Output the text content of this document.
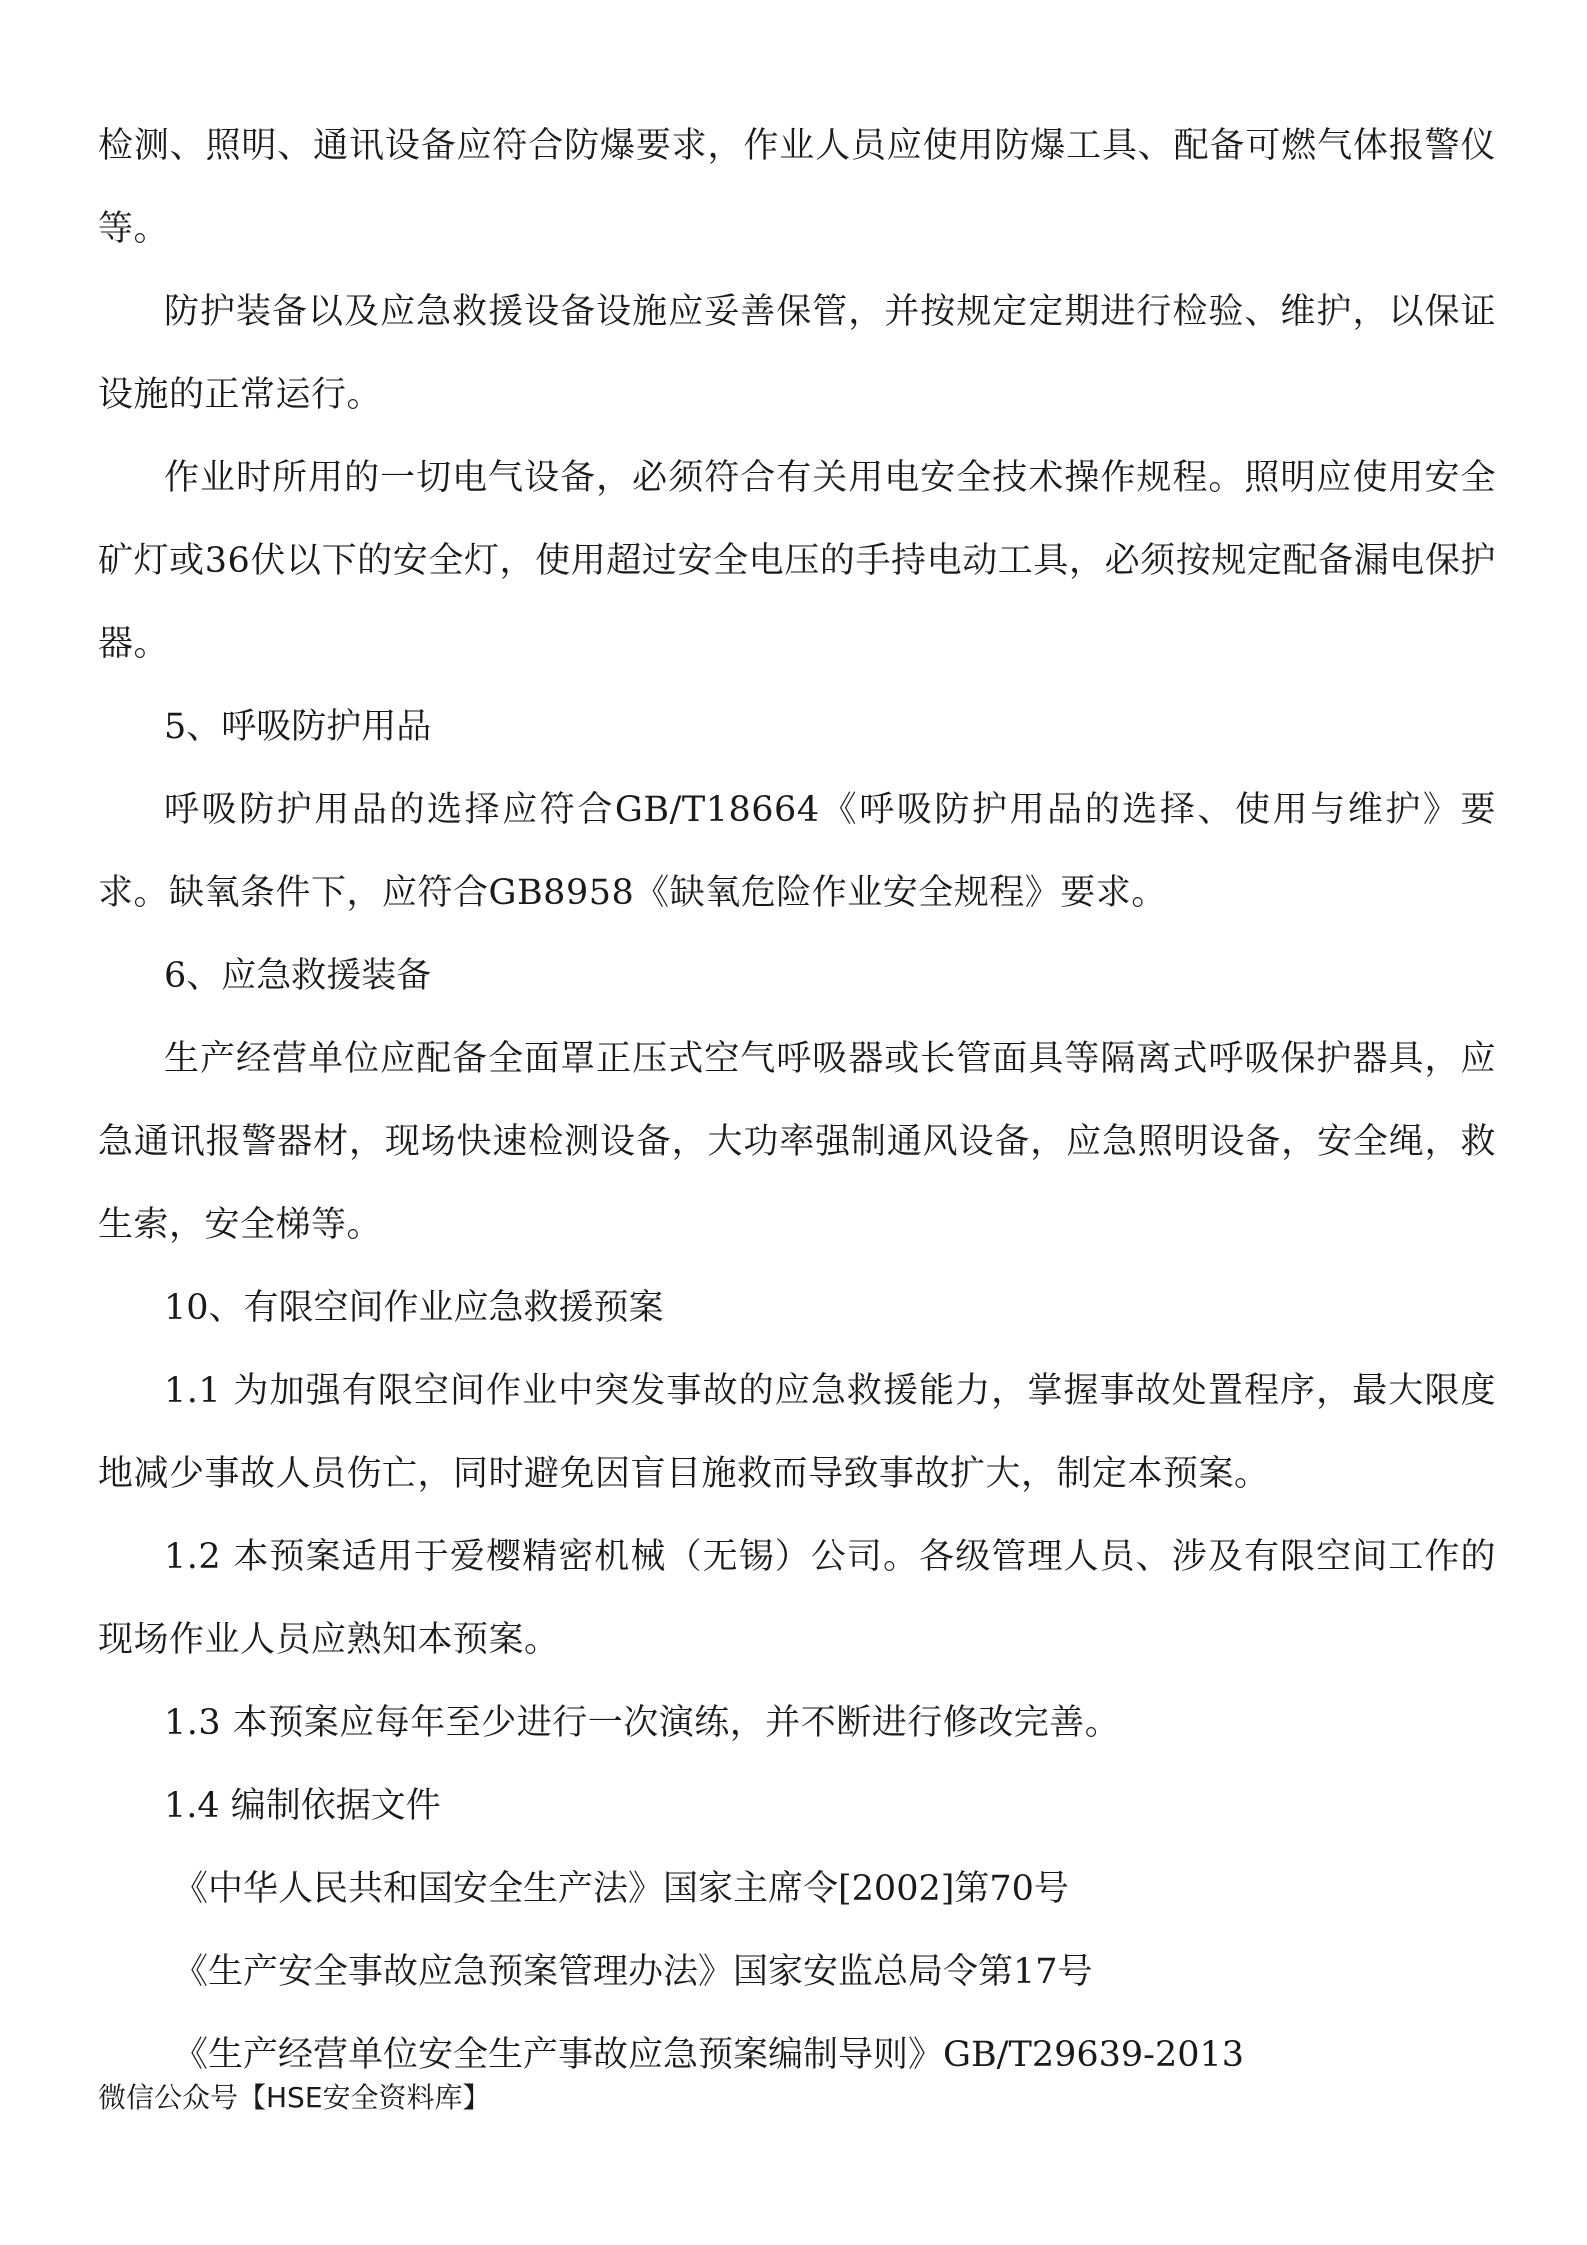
检测、照明、通讯设备应符合防爆要求，作业人员应使用防爆工具、配备可燃气体报警仪等。

防护装备以及应急救援设备设施应妥善保管，并按规定定期进行检验、维护，以保证设施的正常运行。

作业时所用的一切电气设备，必须符合有关用电安全技术操作规程。照明应使用安全矿灯或36伏以下的安全灯，使用超过安全电压的手持电动工具，必须按规定配备漏电保护器。

5、呼吸防护用品

呼吸防护用品的选择应符合GB/T18664《呼吸防护用品的选择、使用与维护》要求。缺氧条件下，应符合GB8958《缺氧危险作业安全规程》要求。

6、应急救援装备

生产经营单位应配备全面罩正压式空气呼吸器或长管面具等隔离式呼吸保护器具，应急通讯报警器材，现场快速检测设备，大功率强制通风设备，应急照明设备，安全绳，救生索，安全梯等。

10、有限空间作业应急救援预案

1.1 为加强有限空间作业中突发事故的应急救援能力，掌握事故处置程序，最大限度地减少事故人员伤亡，同时避免因盲目施救而导致事故扩大，制定本预案。

1.2 本预案适用于爱樱精密机械（无锡）公司。各级管理人员、涉及有限空间工作的现场作业人员应熟知本预案。

1.3 本预案应每年至少进行一次演练，并不断进行修改完善。

1.4 编制依据文件

《中华人民共和国安全生产法》国家主席令[2002]第70号

《生产安全事故应急预案管理办法》国家安监总局令第17号

《生产经营单位安全生产事故应急预案编制导则》GB/T29639-2013

微信公众号【HSE安全资料库】
